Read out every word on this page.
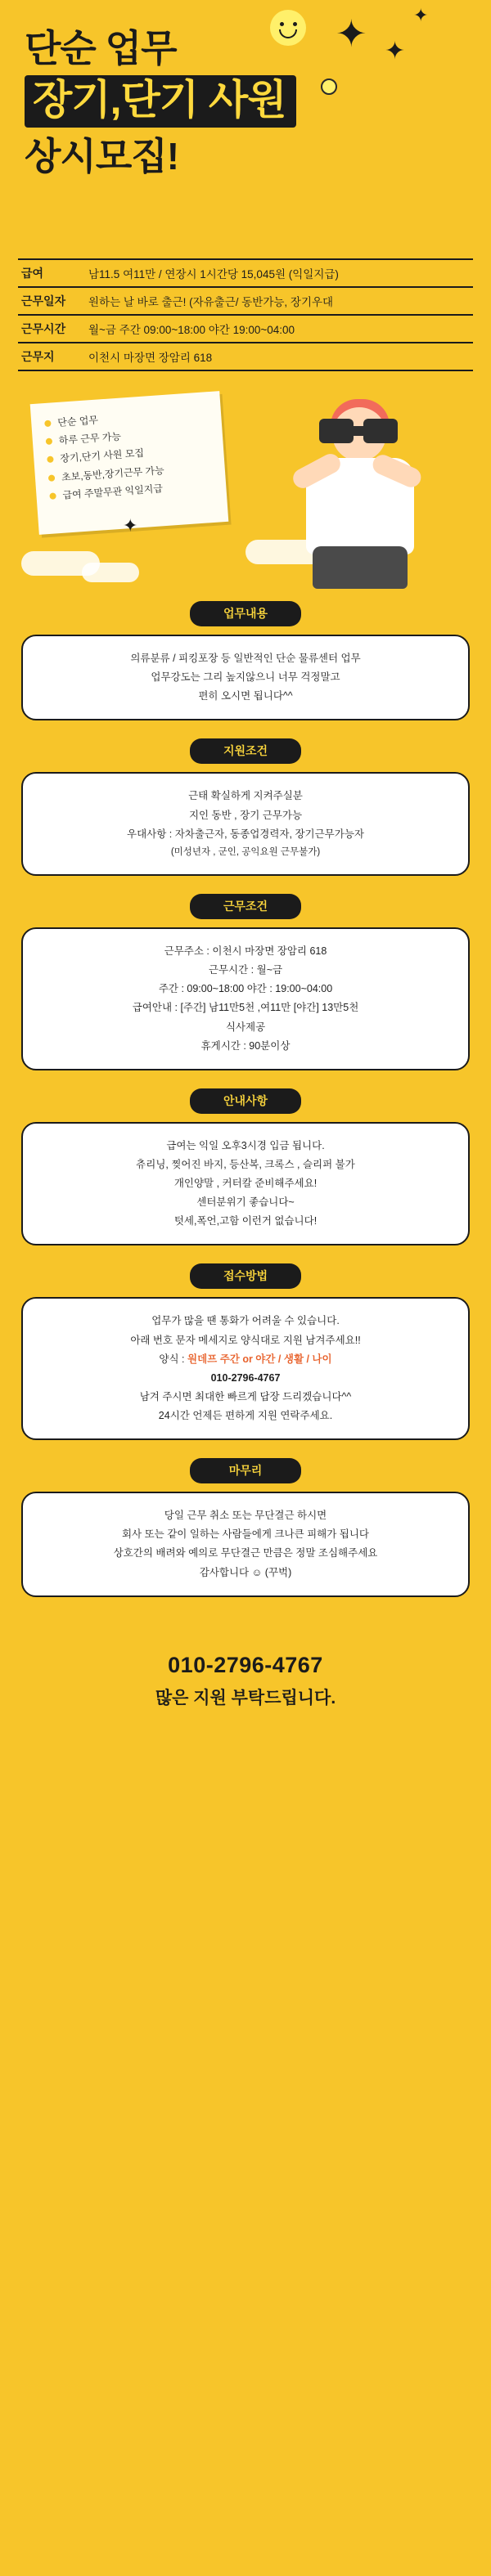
✦ ✦
✦
단순 업무
장기,단기 사원
상시모집!
급여	남11.5 여11만 / 연장시 1시간당 15,045원 (익일지급)
근무일자	원하는 날 바로 출근! (자유출근/ 동반가능, 장기우대
근무시간	월~금 주간 09:00~18:00 야간 19:00~04:00
근무지	이천시 마장면 장암리 618
단순 업무
하루 근무 가능
장기,단기 사원 모집
초보,동반,장기근무 가능
급여 주말무관 익일지급
✦
업무내용
의류분류 / 피킹포장 등 일반적인 단순 물류센터 업무
업무강도는 그리 높지않으니 너무 걱정말고
편히 오시면 됩니다^^
지원조건
근태 확실하게 지켜주실분
지인 동반 , 장기 근무가능
우대사항 : 자차출근자, 동종업경력자, 장기근무가능자
(미성년자 , 군인, 공익요원 근무불가)
근무조건
근무주소 : 이천시 마장면 장암리 618
근무시간 : 월~금
주간 : 09:00~18:00 야간 : 19:00~04:00
급여안내 : [주간] 남11만5천 ,여11만 [야간] 13만5천
식사제공
휴게시간 : 90분이상
안내사항
급여는 익일 오후3시경 입금 됩니다.
츄리닝, 찢어진 바지, 등산복, 크록스 , 슬리퍼 불가
개인양말 , 커터칼 준비해주세요!
센터분위기 좋습니다~
텃세,폭언,고함 이런거 없습니다!
접수방법
업무가 많을 땐 통화가 어려울 수 있습니다.
아래 번호 문자 메세지로 양식대로 지원 남겨주세요!!
양식 : 원데프 주간 or 야간 / 생활 / 나이
010-2796-4767
남겨 주시면 최대한 빠르게 답장 드리겠습니다^^
24시간 언제든 편하게 지원 연락주세요.
마무리
당일 근무 취소 또는 무단결근 하시면
회사 또는 같이 일하는 사람들에게 크나큰 피해가 됩니다
상호간의 배려와 예의로 무단결근 만큼은 정말 조심해주세요
감사합니다 ☺ (꾸벅)
010-2796-4767
많은 지원 부탁드립니다.
